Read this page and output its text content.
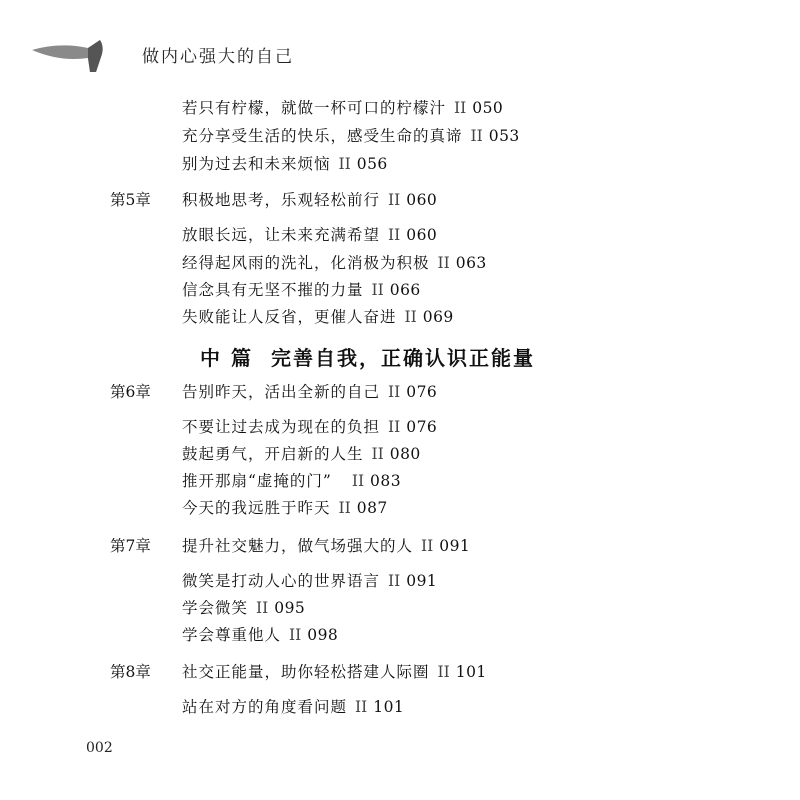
做内心强大的自己
若只有柠檬，就做一杯可口的柠檬汁 II 050
充分享受生活的快乐，感受生命的真谛 II 053
别为过去和未来烦恼 II 056
第5章 积极地思考，乐观轻松前行 II 060
放眼长远，让未来充满希望 II 060
经得起风雨的洗礼，化消极为积极 II 063
信念具有无坚不摧的力量 II 066
失败能让人反省，更催人奋进 II 069
中 篇 完善自我，正确认识正能量
第6章 告别昨天，活出全新的自己 II 076
不要让过去成为现在的负担 II 076
鼓起勇气，开启新的人生 II 080
推开那扇“虚掩的门” II 083
今天的我远胜于昨天 II 087
第7章 提升社交魅力，做气场强大的人 II 091
微笑是打动人心的世界语言 II 091
学会微笑 II 095
学会尊重他人 II 098
第8章 社交正能量，助你轻松搭建人际圈 II 101
站在对方的角度看问题 II 101
002
